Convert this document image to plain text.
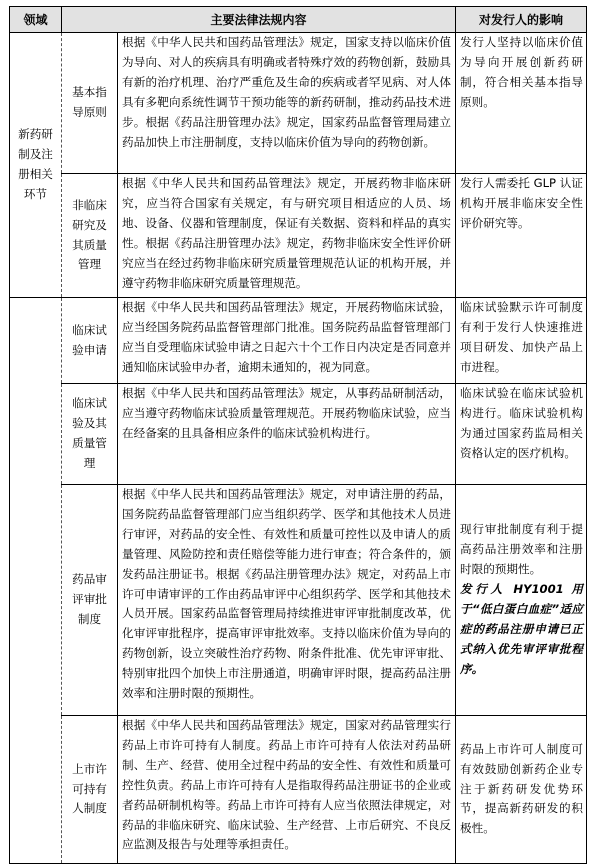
领域	主要法律法规内容		对发行人的影响
新药研制及注册相关环节	基本指导原则	根据《中华人民共和国药品管理法》规定，国家支持以临床价值为导向、对人的疾病具有明确或者特殊疗效的药物创新，鼓励具有新的治疗机理、治疗严重危及生命的疾病或者罕见病、对人体具有多靶向系统性调节干预功能等的新药研制，推动药品技术进步。根据《药品注册管理办法》规定，国家药品监督管理局建立药品加快上市注册制度，支持以临床价值为导向的药物创新。	发行人坚持以临床价值为导向开展创新药研制，符合相关基本指导原则。

	非临床研究及其质量管理	根据《中华人民共和国药品管理法》规定，开展药物非临床研究，应当符合国家有关规定，有与研究项目相适应的人员、场地、设备、仪器和管理制度，保证有关数据、资料和样品的真实性。根据《药品注册管理办法》规定，药物非临床安全性评价研究应当在经过药物非临床研究质量管理规范认证的机构开展，并遵守药物非临床研究质量管理规范。	发行人需委托 GLP 认证机构开展非临床安全性评价研究等。

	临床试验申请	根据《中华人民共和国药品管理法》规定，开展药物临床试验，应当经国务院药品监督管理部门批准。国务院药品监督管理部门应当自受理临床试验申请之日起六十个工作日内决定是否同意并通知临床试验申办者，逾期未通知的，视为同意。	临床试验默示许可制度有利于发行人快速推进项目研发、加快产品上市进程。

	临床试验及其质量管理	根据《中华人民共和国药品管理法》规定，从事药品研制活动，应当遵守药物临床试验质量管理规范。开展药物临床试验，应当在经备案的且具备相应条件的临床试验机构进行。	临床试验在临床试验机构进行。临床试验机构为通过国家药监局相关资格认定的医疗机构。

	药品审评审批制度	根据《中华人民共和国药品管理法》规定，对申请注册的药品，国务院药品监督管理部门应当组织药学、医学和其他技术人员进行审评，对药品的安全性、有效性和质量可控性以及申请人的质量管理、风险防控和责任赔偿等能力进行审查；符合条件的，颁发药品注册证书。根据《药品注册管理办法》规定，对药品上市许可申请审评的工作由药品审评中心组织药学、医学和其他技术人员开展。国家药品监督管理局持续推进审评审批制度改革，优化审评审批程序，提高审评审批效率。支持以临床价值为导向的药物创新，设立突破性治疗药物、附条件批准、优先审评审批、特别审批四个加快上市注册通道，明确审评时限，提高药品注册效率和注册时限的预期性。	现行审批制度有利于提高药品注册效率和注册时限的预期性。
发行人 HY1001 用于“低白蛋白血症”适应症的药品注册申请已正式纳入优先审评审批程序。

	上市许可持有人制度	根据《中华人民共和国药品管理法》规定，国家对药品管理实行药品上市许可持有人制度。药品上市许可持有人依法对药品研制、生产、经营、使用全过程中药品的安全性、有效性和质量可控性负责。药品上市许可持有人是指取得药品注册证书的企业或者药品研制机构等。药品上市许可持有人应当依照法律规定，对药品的非临床研究、临床试验、生产经营、上市后研究、不良反应监测及报告与处理等承担责任。	药品上市许可人制度可有效鼓励创新药企业专注于新药研发优势环节，提高新药研发的积极性。
